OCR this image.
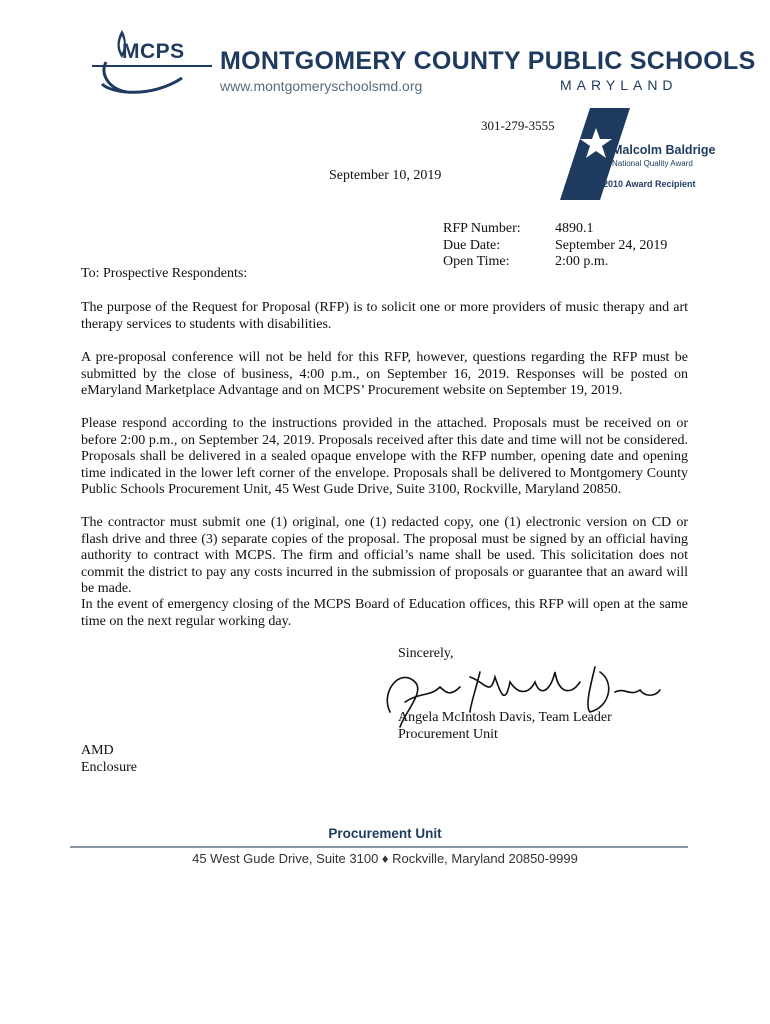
MCPS MONTGOMERY COUNTY PUBLIC SCHOOLS
www.montgomeryschoolsmd.org	MARYLAND
301-279-3555
Malcolm Baldrige
National Quality Award
2010 Award Recipient
September 10, 2019
RFP Number:
Due Date:
Open Time:
4890.1
September 24, 2019
2:00 p.m.
To: Prospective Respondents:

The purpose of the Request for Proposal (RFP) is to solicit one or more providers of music therapy and art therapy services to students with disabilities.

A pre-proposal conference will not be held for this RFP, however, questions regarding the RFP must be submitted by the close of business, 4:00 p.m., on September 16, 2019. Responses will be posted on eMaryland Marketplace Advantage and on MCPS’ Procurement website on September 19, 2019.

Please respond according to the instructions provided in the attached. Proposals must be received on or before 2:00 p.m., on September 24, 2019. Proposals received after this date and time will not be considered. Proposals shall be delivered in a sealed opaque envelope with the RFP number, opening date and opening time indicated in the lower left corner of the envelope. Proposals shall be delivered to Montgomery County Public Schools Procurement Unit, 45 West Gude Drive, Suite 3100, Rockville, Maryland 20850.

The contractor must submit one (1) original, one (1) redacted copy, one (1) electronic version on CD or flash drive and three (3) separate copies of the proposal. The proposal must be signed by an official having authority to contract with MCPS. The firm and official’s name shall be used. This solicitation does not commit the district to pay any costs incurred in the submission of proposals or guarantee that an award will be made.

In the event of emergency closing of the MCPS Board of Education offices, this RFP will open at the same time on the next regular working day.

Sincerely,
Angela McIntosh Davis, Team Leader
Procurement Unit
AMD
Enclosure
Procurement Unit
45 West Gude Drive, Suite 3100 ♦ Rockville, Maryland 20850-9999
